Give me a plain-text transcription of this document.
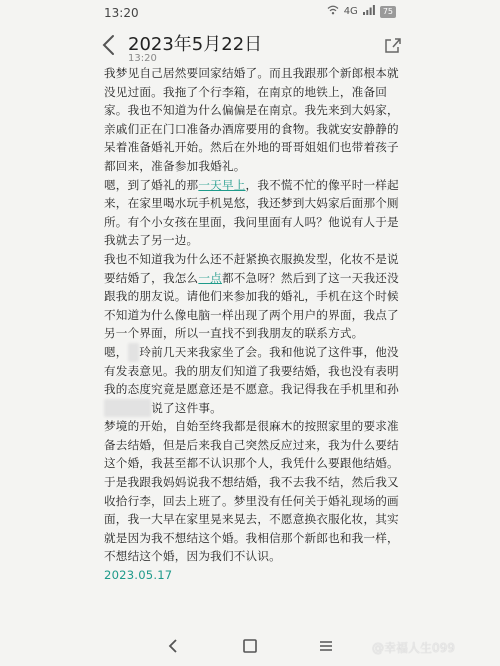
13:20	4G	75
2023年5月22日
13:20

我梦见自己居然要回家结婚了。而且我跟那个新郎根本就没见过面。我拖了个行李箱，在南京的地铁上，准备回家。我也不知道为什么偏偏是在南京。我先来到大妈家，亲戚们正在门口准备办酒席要用的食物。我就安安静静的呆着准备婚礼开始。然后在外地的哥哥姐姐们也带着孩子都回来，准备参加我婚礼。

嗯，到了婚礼的那一天早上，我不慌不忙的像平时一样起来，在家里喝水玩手机晃悠，我还梦到大妈家后面那个厕所。有个小女孩在里面，我问里面有人吗？他说有人于是我就去了另一边。

我也不知道我为什么还不赶紧换衣服换发型，化妆不是说要结婚了，我怎么一点都不急呀？然后到了这一天我还没跟我的朋友说。请他们来参加我的婚礼，手机在这个时候不知道为什么像电脑一样出现了两个用户的界面，我点了另一个界面，所以一直找不到我朋友的联系方式。

嗯， 玲前几天来我家坐了会。我和他说了这件事，他没有发表意见。我的朋友们知道了我要结婚，我也没有表明我的态度究竟是愿意还是不愿意。我记得我在手机里和孙说了这件事。

梦境的开始，自始至终我都是很麻木的按照家里的要求准备去结婚，但是后来我自己突然反应过来，我为什么要结这个婚，我甚至都不认识那个人，我凭什么要跟他结婚。于是我跟我妈妈说我不想结婚，我不去我不结，然后我又收拾行李，回去上班了。梦里没有任何关于婚礼现场的画面，我一大早在家里晃来晃去，不愿意换衣服化妆，其实就是因为我不想结这个婚。我相信那个新郎也和我一样，不想结这个婚，因为我们不认识。

2023.05.17

@幸福人生099
